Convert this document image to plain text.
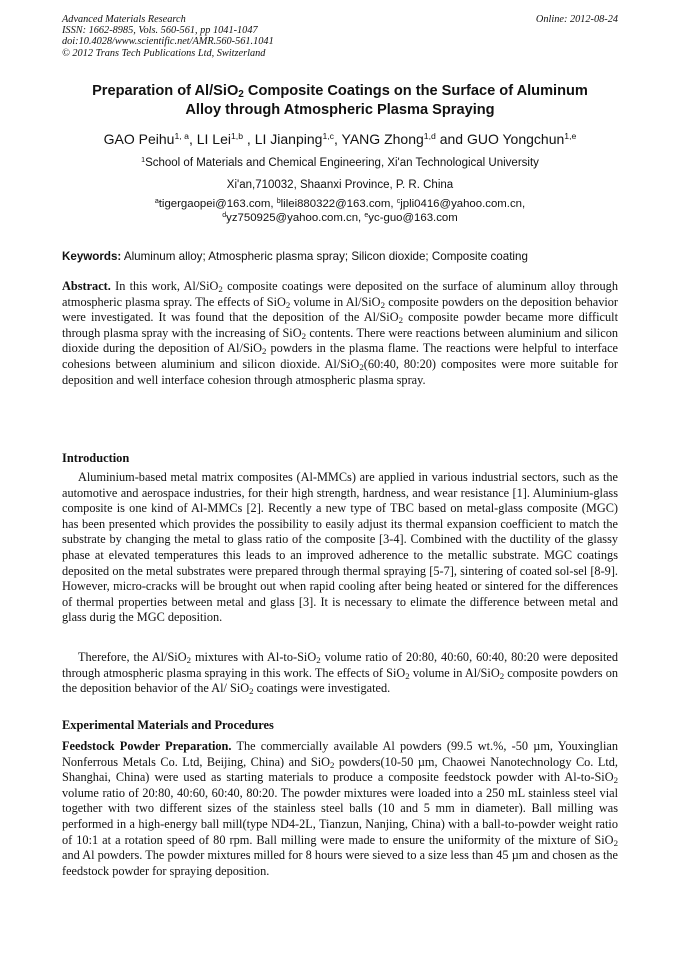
Advanced Materials Research
ISSN: 1662-8985, Vols. 560-561, pp 1041-1047
doi:10.4028/www.scientific.net/AMR.560-561.1041
© 2012 Trans Tech Publications Ltd, Switzerland
Online: 2012-08-24
Preparation of Al/SiO$_2$ Composite Coatings on the Surface of Aluminum
Alloy through Atmospheric Plasma Spraying
GAO Peihu$^{1, a}$, LI Lei$^{1,b}$ , LI Jianping$^{1,c}$, YANG Zhong$^{1,d}$ and GUO Yongchun$^{1,e}$
$^1$School of Materials and Chemical Engineering, Xi'an Technological University
Xi'an,710032, Shaanxi Province, P. R. China
$^a$tigergaopei@163.com, $^b$lilei880322@163.com, $^c$jpli0416@yahoo.com.cn,
$^d$yz750925@yahoo.com.cn, $^e$yc-guo@163.com
Keywords: Aluminum alloy; Atmospheric plasma spray; Silicon dioxide; Composite coating
Abstract. In this work, Al/SiO$_2$ composite coatings were deposited on the surface of aluminum alloy through atmospheric plasma spray. The effects of SiO$_2$ volume in Al/SiO$_2$ composite powders on the deposition behavior were investigated. It was found that the deposition of the Al/SiO$_2$ composite powder became more difficult through plasma spray with the increasing of SiO$_2$ contents. There were reactions between aluminium and silicon dioxide during the deposition of Al/SiO$_2$ powders in the plasma flame. The reactions were helpful to interface cohesions between aluminium and silicon dioxide. Al/SiO$_2$(60:40, 80:20) composites were more suitable for deposition and well interface cohesion through atmospheric plasma spray.
Introduction
Aluminium-based metal matrix composites (Al-MMCs) are applied in various industrial sectors, such as the automotive and aerospace industries, for their high strength, hardness, and wear resistance [1]. Aluminium-glass composite is one kind of Al-MMCs [2]. Recently a new type of TBC based on metal-glass composite (MGC) has been presented which provides the possibility to easily adjust its thermal expansion coefficient to match the substrate by changing the metal to glass ratio of the composite [3-4]. Combined with the ductility of the glassy phase at elevated temperatures this leads to an improved adherence to the metallic substrate. MGC coatings deposited on the metal substrates were prepared through thermal spraying [5-7], sintering of coated sol-sel [8-9]. However, micro-cracks will be brought out when rapid cooling after being heated or sintered for the differences of thermal properties between metal and glass [3]. It is necessary to elimate the difference between metal and glass durig the MGC deposition.
Therefore, the Al/SiO$_2$ mixtures with Al-to-SiO$_2$ volume ratio of 20:80, 40:60, 60:40, 80:20 were deposited through atmospheric plasma spraying in this work. The effects of SiO$_2$ volume in Al/SiO$_2$ composite powders on the deposition behavior of the Al/ SiO$_2$ coatings were investigated.
Experimental Materials and Procedures
Feedstock Powder Preparation. The commercially available Al powders (99.5 wt.%, -50 µm, Youxinglian Nonferrous Metals Co. Ltd, Beijing, China) and SiO$_2$ powders(10-50 µm, Chaowei Nanotechnology Co. Ltd, Shanghai, China) were used as starting materials to produce a composite feedstock powder with Al-to-SiO$_2$ volume ratio of 20:80, 40:60, 60:40, 80:20. The powder mixtures were loaded into a 250 mL stainless steel vial together with two different sizes of the stainless steel balls (10 and 5 mm in diameter). Ball milling was performed in a high-energy ball mill(type ND4-2L, Tianzun, Nanjing, China) with a ball-to-powder weight ratio of 10:1 at a rotation speed of 80 rpm. Ball milling were made to ensure the uniformity of the mixture of SiO$_2$ and Al powders. The powder mixtures milled for 8 hours were sieved to a size less than 45 µm and chosen as the feedstock powder for spraying deposition.
